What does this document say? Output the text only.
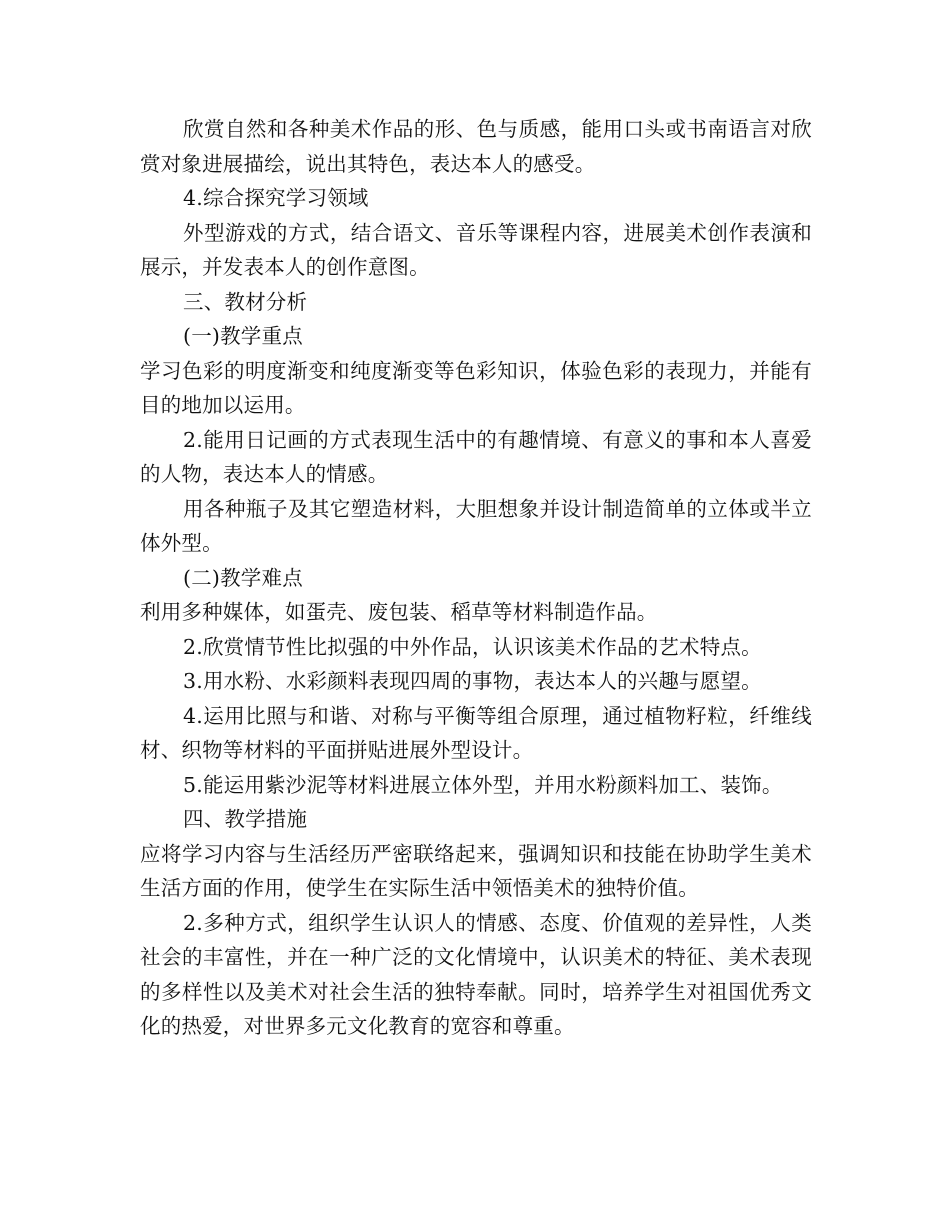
欣赏自然和各种美术作品的形、色与质感，能用口头或书南语言对欣赏对象进展描绘，说出其特色，表达本人的感受。

4.综合探究学习领域

外型游戏的方式，结合语文、音乐等课程内容，进展美术创作表演和展示，并发表本人的创作意图。

三、教材分析

(一)教学重点

学习色彩的明度渐变和纯度渐变等色彩知识，体验色彩的表现力，并能有目的地加以运用。

2.能用日记画的方式表现生活中的有趣情境、有意义的事和本人喜爱的人物，表达本人的情感。

用各种瓶子及其它塑造材料，大胆想象并设计制造简单的立体或半立体外型。

(二)教学难点

利用多种媒体，如蛋壳、废包装、稻草等材料制造作品。

2.欣赏情节性比拟强的中外作品，认识该美术作品的艺术特点。

3.用水粉、水彩颜料表现四周的事物，表达本人的兴趣与愿望。

4.运用比照与和谐、对称与平衡等组合原理，通过植物籽粒，纤维线材、织物等材料的平面拼贴进展外型设计。

5.能运用紫沙泥等材料进展立体外型，并用水粉颜料加工、装饰。

四、教学措施

应将学习内容与生活经历严密联络起来，强调知识和技能在协助学生美术生活方面的作用，使学生在实际生活中领悟美术的独特价值。

2.多种方式，组织学生认识人的情感、态度、价值观的差异性，人类社会的丰富性，并在一种广泛的文化情境中，认识美术的特征、美术表现的多样性以及美术对社会生活的独特奉献。同时，培养学生对祖国优秀文化的热爱，对世界多元文化教育的宽容和尊重。
